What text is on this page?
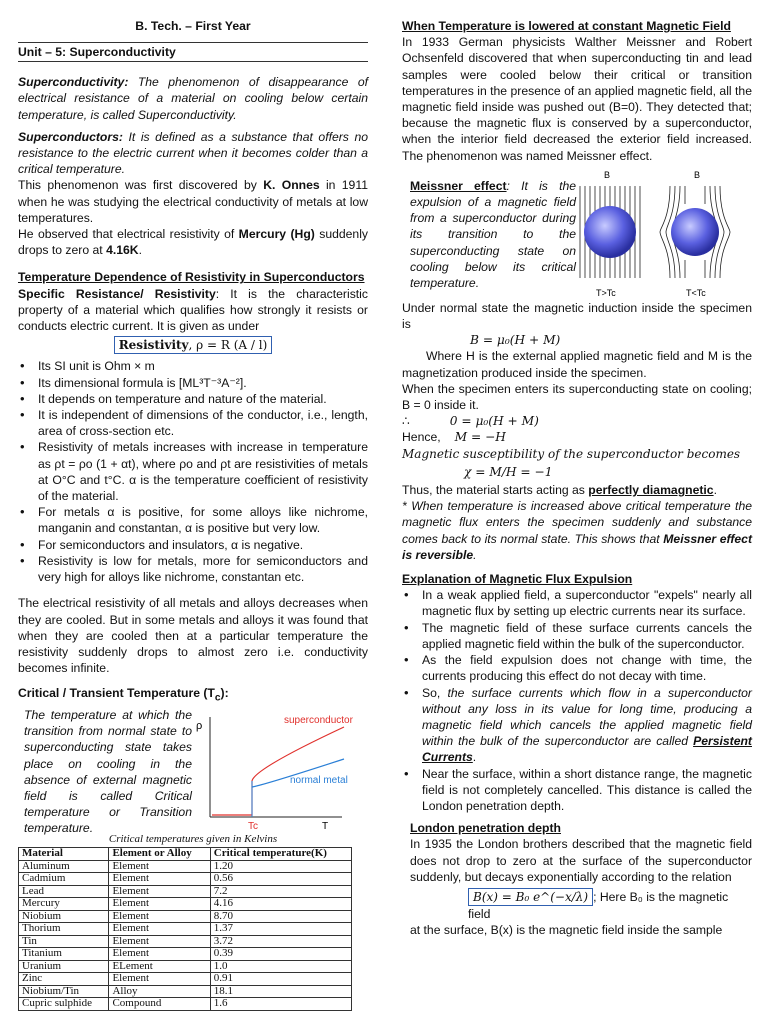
B. Tech. – First Year
Unit – 5: Superconductivity

Superconductivity: The phenomenon of disappearance of electrical resistance of a material on cooling below certain temperature, is called Superconductivity.

Superconductors: It is defined as a substance that offers no resistance to the electric current when it becomes colder than a critical temperature.

This phenomenon was first discovered by K. Onnes in 1911 when he was studying the electrical conductivity of metals at low temperatures.

He observed that electrical resistivity of Mercury (Hg) suddenly drops to zero at 4.16K.

Temperature Dependence of Resistivity in Superconductors

Specific Resistance/ Resistivity: It is the characteristic property of a material which qualifies how strongly it resists or conducts electric current. It is given as under

Resistivity, ρ = R (A / l)
• Its SI unit is Ohm × m
• Its dimensional formula is [ML³T⁻³A⁻²].
• It depends on temperature and nature of the material.
• It is independent of dimensions of the conductor, i.e., length, area of cross-section etc.
• Resistivity of metals increases with increase in temperature as ρt = ρo (1 + αt), where ρo and ρt are resistivities of metals at O°C and t°C. α is the temperature coefficient of resistivity of the material.
• For metals α is positive, for some alloys like nichrome, manganin and constantan, α is positive but very low.
• For semiconductors and insulators, α is negative.
• Resistivity is low for metals, more for semiconductors and very high for alloys like nichrome, constantan etc.

The electrical resistivity of all metals and alloys decreases when they are cooled. But in some metals and alloys it was found that when they are cooled then at a particular temperature the resistivity suddenly drops to almost zero i.e. conductivity becomes infinite.

Critical / Transient Temperature $(T_c)$:

The temperature at which the transition from normal state to superconducting state takes place on cooling in the absence of external magnetic field is called Critical temperature or Transition temperature.

ρ
T
Tc
superconductor
normal metal
Critical temperatures given in Kelvins
Material	Element or Alloy	Critical temperature(K)
Aluminum	Element	1.20
Cadmium	Element	0.56
Lead	Element	7.2
Mercury	Element	4.16
Niobium	Element	8.70
Thorium	Element	1.37
Tin	Element	3.72
Titanium	Element	0.39
Uranium	ELement	1.0
Zinc	Element	0.91
Niobium/Tin	Alloy	18.1
Cupric sulphide	Compound	1.6
When Temperature is lowered at constant Magnetic Field

In 1933 German physicists Walther Meissner and Robert Ochsenfeld discovered that when superconducting tin and lead samples were cooled below their critical or transition temperatures in the presence of an applied magnetic field, all the magnetic field inside was pushed out (B=0). They detected that; because the magnetic flux is conserved by a superconductor, when the interior field decreased the exterior field increased. The phenomenon was named Meissner effect.

Meissner effect: It is the expulsion of a magnetic field from a superconductor during its transition to the superconducting state on cooling below its critical temperature.

B	B
T>Tc	T<Tc

Under normal state the magnetic induction inside the specimen is

B = μ₀(H + M)

Where H is the external applied magnetic field and M is the magnetization produced inside the specimen.

When the specimen enters its superconducting state on cooling; B = 0 inside it.

∴	0 = μ₀(H + M)
Hence, M = −H
Magnetic susceptibility of the superconductor becomes
χ = M/H = −1

Thus, the material starts acting as perfectly diamagnetic.

* When temperature is increased above critical temperature the magnetic flux enters the specimen suddenly and substance comes back to its normal state. This shows that Meissner effect is reversible.

Explanation of Magnetic Flux Expulsion
• In a weak applied field, a superconductor "expels" nearly all magnetic flux by setting up electric currents near its surface.
• The magnetic field of these surface currents cancels the applied magnetic field within the bulk of the superconductor.
• As the field expulsion does not change with time, the currents producing this effect do not decay with time.
• So, the surface currents which flow in a superconductor without any loss in its value for long time, producing a magnetic field which cancels the applied magnetic field within the bulk of the superconductor are called Persistent Currents.
• Near the surface, within a short distance range, the magnetic field is not completely cancelled. This distance is called the London penetration depth.
London penetration depth

In 1935 the London brothers described that the magnetic field does not drop to zero at the surface of the superconductor suddenly, but decays exponentially according to the relation

B(x) = B₀ e^(−x/λ) ; Here B₀ is the magnetic field

at the surface, B(x) is the magnetic field inside the sample
